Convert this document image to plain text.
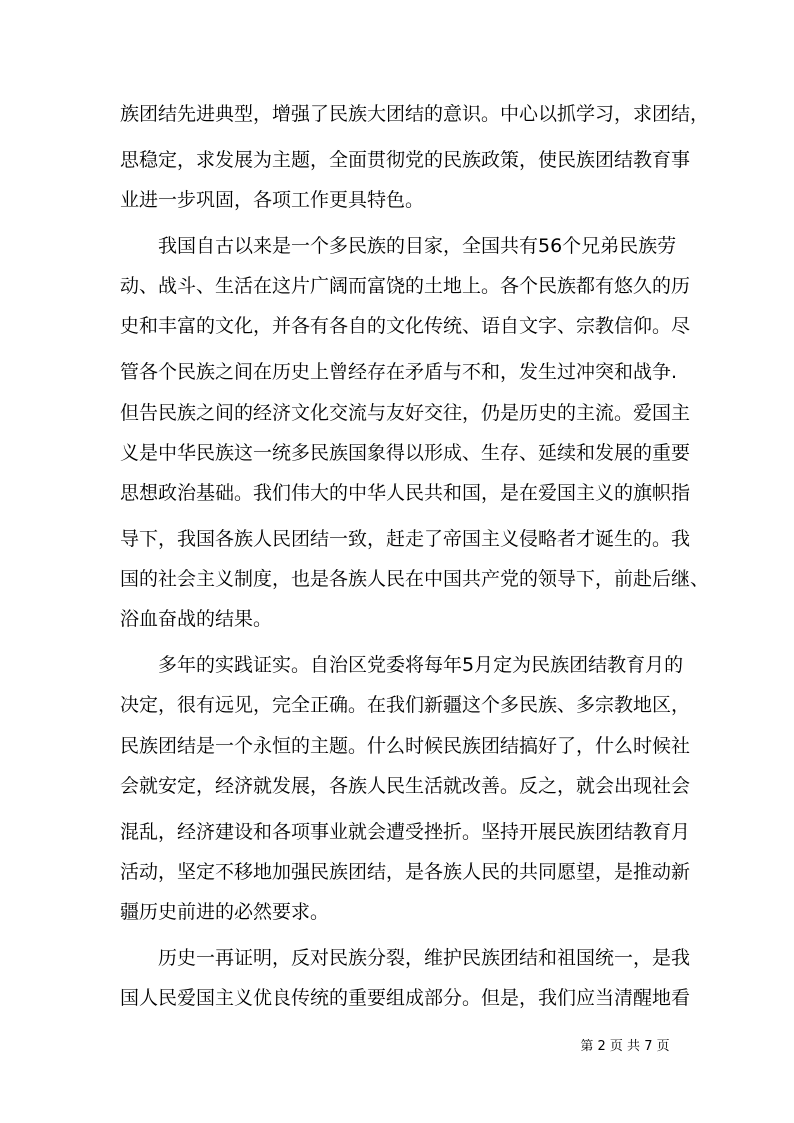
族团结先进典型，增强了民族大团结的意识。中心以抓学习，求团结，
思稳定，求发展为主题，全面贯彻党的民族政策，使民族团结教育事
业进一步巩固，各项工作更具特色。
我国自古以来是一个多民族的目家，全国共有56个兄弟民族劳
动、战斗、生活在这片广阔而富饶的土地上。各个民族都有悠久的历
史和丰富的文化，并各有各自的文化传统、语自文字、宗教信仰。尽
管各个民族之间在历史上曾经存在矛盾与不和，发生过冲突和战争.
但告民族之间的经济文化交流与友好交往，仍是历史的主流。爱国主
义是中华民族这一统多民族国象得以形成、生存、延续和发展的重要
思想政治基础。我们伟大的中华人民共和国，是在爱国主义的旗帜指
导下，我国各族人民团结一致，赶走了帝国主义侵略者才诞生的。我
国的社会主义制度，也是各族人民在中国共产党的领导下，前赴后继、
浴血奋战的结果。
多年的实践证实。自治区党委将每年5月定为民族团结教育月的
决定，很有远见，完全正确。在我们新疆这个多民族、多宗教地区，
民族团结是一个永恒的主题。什么时候民族团结搞好了，什么时候社
会就安定，经济就发展，各族人民生活就改善。反之，就会出现社会
混乱，经济建设和各项事业就会遭受挫折。坚持开展民族团结教育月
活动，坚定不移地加强民族团结，是各族人民的共同愿望，是推动新
疆历史前进的必然要求。
历史一再证明，反对民族分裂，维护民族团结和祖国统一，是我
国人民爱国主义优良传统的重要组成部分。但是，我们应当清醒地看
第 2 页 共 7 页
